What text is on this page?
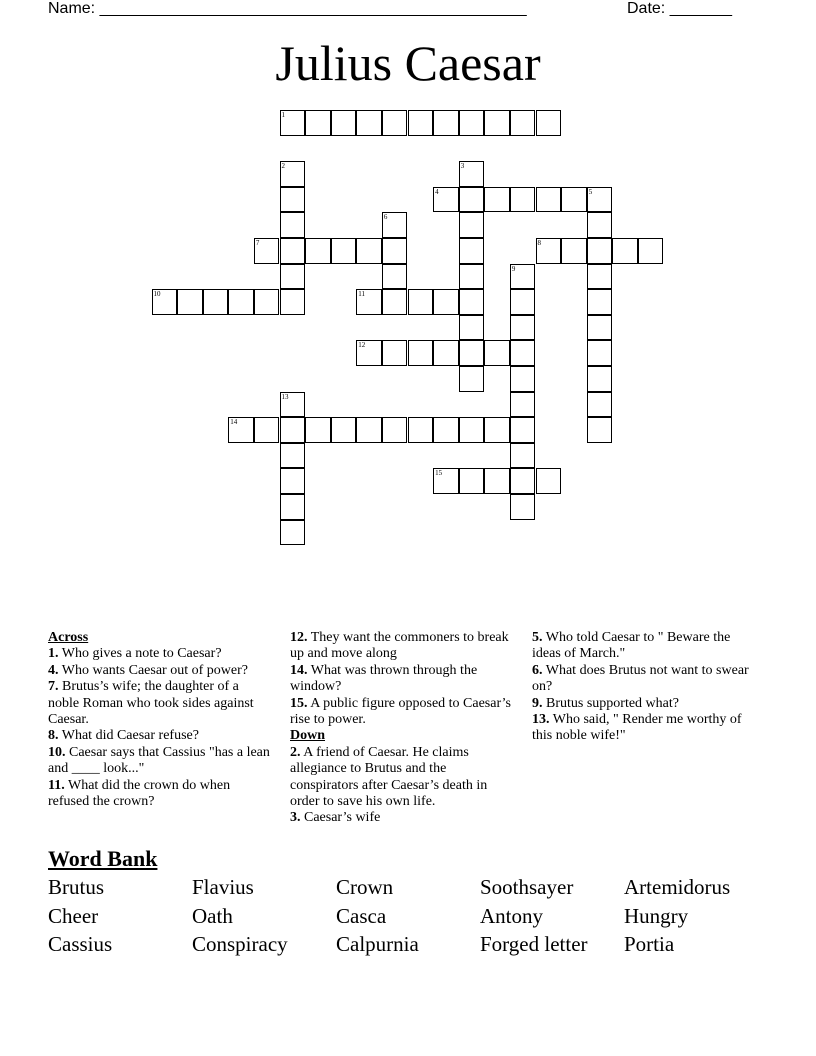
Name: ________________________________________________	Date: _______
Julius Caesar
1
2	3
4	5
6
7	8
9
10	11
12
13
14
15

Across

1. Who gives a note to Caesar?

4. Who wants Caesar out of power?

7. Brutus’s wife; the daughter of a noble Roman who took sides against Caesar.

8. What did Caesar refuse?

10. Caesar says that Cassius "has a lean and ____ look..."

11. What did the crown do when refused the crown?

12. They want the commoners to break up and move along

14. What was thrown through the window?

15. A public figure opposed to Caesar’s rise to power.

Down

2. A friend of Caesar. He claims allegiance to Brutus and the conspirators after Caesar’s death in order to save his own life.

3. Caesar’s wife

5. Who told Caesar to " Beware the ideas of March."

6. What does Brutus not want to swear on?

9. Brutus supported what?

13. Who said, " Render me worthy of this noble wife!"

Word Bank
Brutus	Flavius	Crown	Soothsayer	Artemidorus
Cheer	Oath	Casca	Antony	Hungry
Cassius	Conspiracy	Calpurnia	Forged letter	Portia
